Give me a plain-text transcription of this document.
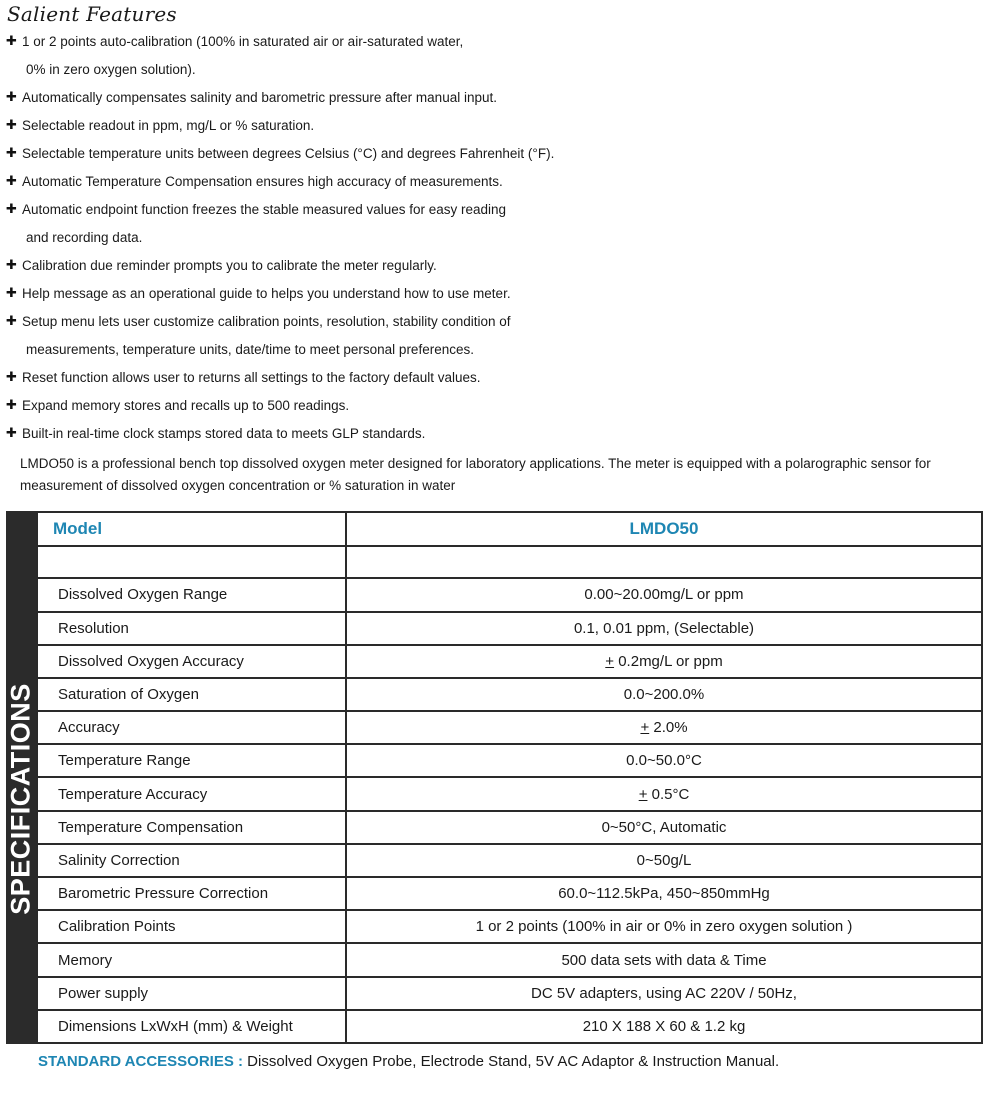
Salient Features
✚ 1 or 2 points auto-calibration (100% in saturated air or air-saturated water,
0% in zero oxygen solution).
✚ Automatically compensates salinity and barometric pressure after manual input.
✚ Selectable readout in ppm, mg/L or % saturation.
✚ Selectable temperature units between degrees Celsius (°C) and degrees Fahrenheit (°F).
✚ Automatic Temperature Compensation ensures high accuracy of measurements.
✚ Automatic endpoint function freezes the stable measured values for easy reading
and recording data.
✚ Calibration due reminder prompts you to calibrate the meter regularly.
✚ Help message as an operational guide to helps you understand how to use meter.
✚ Setup menu lets user customize calibration points, resolution, stability condition of
measurements, temperature units, date/time to meet personal preferences.
✚ Reset function allows user to returns all settings to the factory default values.
✚ Expand memory stores and recalls up to 500 readings.
✚ Built-in real-time clock stamps stored data to meets GLP standards.
LMDO50 is a professional bench top dissolved oxygen meter designed for laboratory applications. The meter is equipped with a polarographic sensor for measurement of dissolved oxygen concentration or % saturation in water
SPECIFICATIONS
Model	LMDO50

Dissolved Oxygen Range	0.00~20.00mg/L or ppm
Resolution	0.1, 0.01 ppm, (Selectable)
Dissolved Oxygen Accuracy	+ 0.2mg/L or ppm
Saturation of Oxygen	0.0~200.0%
Accuracy	+ 2.0%
Temperature Range	0.0~50.0°C
Temperature Accuracy	+ 0.5°C
Temperature Compensation	0~50°C, Automatic
Salinity Correction	0~50g/L
Barometric Pressure Correction	60.0~112.5kPa, 450~850mmHg
Calibration Points	1 or 2 points (100% in air or 0% in zero oxygen solution )
Memory	500 data sets with data & Time
Power supply	DC 5V adapters, using AC 220V / 50Hz,
Dimensions LxWxH (mm) & Weight	210 X 188 X 60 & 1.2 kg
STANDARD ACCESSORIES : Dissolved Oxygen Probe, Electrode Stand, 5V AC Adaptor & Instruction Manual.
